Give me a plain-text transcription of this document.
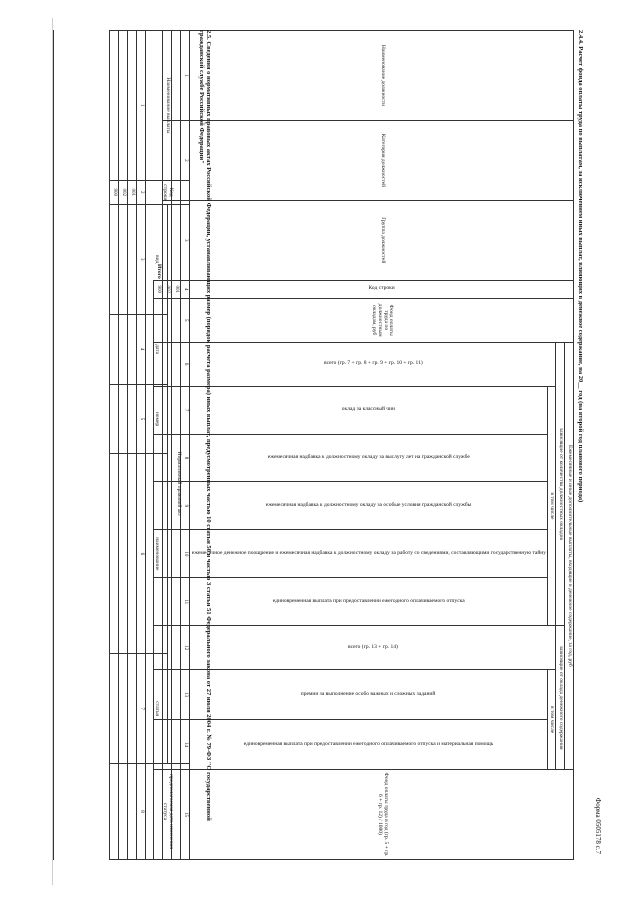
Форма 0505178 с.7
2.4.4. Расчет фонда оплаты труда по выплатам, за исключением иных выплат, влияющих в денежное содержание, на 20__ год (на второй год планового периода)
Наименование должности	Категория должностей	Группа должностей	Код строки	Фонд оплаты труда по должностным окладам, руб	Ежемесячные и иные дополнительные выплаты, входящие в денежное содержание, за год, руб									Фонд оплаты труда в год (гр. 5 + гр. 6 + гр. 12) / 1000)
					зависящие от количества должностных окладов						зависящие от оклада денежного содержания			
					всего (гр. 7 + гр. 8 + гр. 9 + гр. 10 + гр. 11)	в том числе					всего (гр. 13 + гр. 14)	в том числе		
						оклад за классный чин	ежемесячная надбавка к должностному окладу за выслугу лет на гражданской службе	ежемесячная надбавка к должностному окладу за особые условия гражданской службы	ежемесячное денежное поощрение и ежемесячная надбавка к должностному окладу за работу со сведениями, составляющими государственную тайну	единовременная выплата при предоставлении ежегодного оплачиваемого отпуска		премии за выполнение особо важных и сложных заданий	единовременная выплата при предоставлении ежегодного оплачиваемого отпуска и материальная помощь	
1	2	3	4	5	6	7	8	9	10	11	12	13	14	15
			001											
			002											
Итого			900												2.5. Сведения о нормативных правовых актах Российской Федерации, устанавливающих размер (порядок расчета размера) иных выплат, предусмотренных частью 10 статьи 50 и частью 3 статьи 51 Федерального закона от 27 июля 2004 г. № 79-ФЗ "О государственной гражданской службе Российской Федерации"
Наименование выплаты	Код строки	Нормативный правовой акт					предполагаемая дата изменения статуса
		вид	дата	номер	наименование	статья	
1	2	3	4	5	6	7	8
	001						
	002						
	900						
